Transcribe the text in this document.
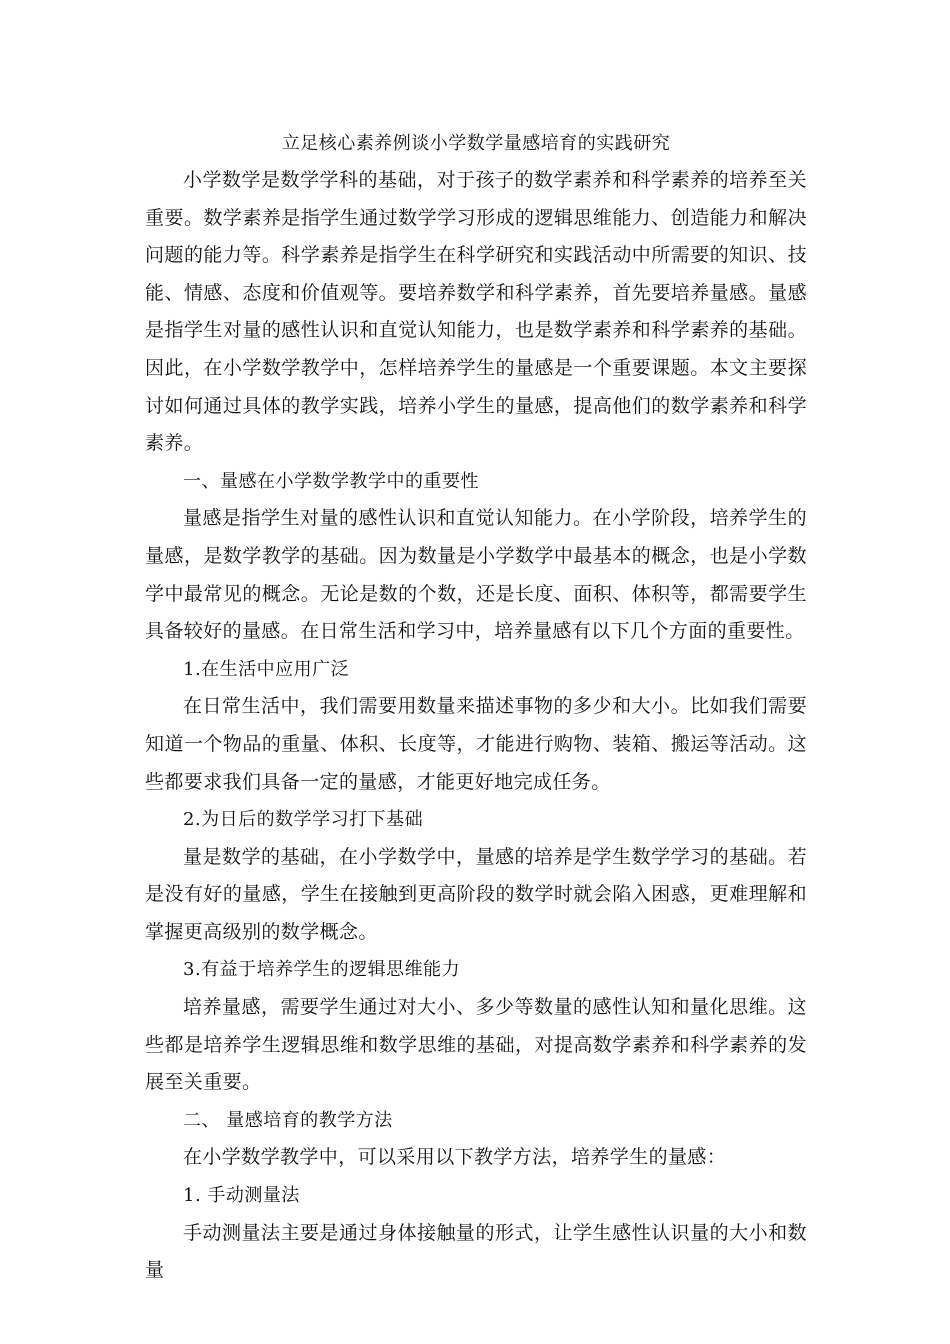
立足核心素养例谈小学数学量感培育的实践研究

小学数学是数学学科的基础，对于孩子的数学素养和科学素养的培养至关重要。数学素养是指学生通过数学学习形成的逻辑思维能力、创造能力和解决问题的能力等。科学素养是指学生在科学研究和实践活动中所需要的知识、技能、情感、态度和价值观等。要培养数学和科学素养，首先要培养量感。量感是指学生对量的感性认识和直觉认知能力，也是数学素养和科学素养的基础。因此，在小学数学教学中，怎样培养学生的量感是一个重要课题。本文主要探讨如何通过具体的教学实践，培养小学生的量感，提高他们的数学素养和科学素养。

一、量感在小学数学教学中的重要性

量感是指学生对量的感性认识和直觉认知能力。在小学阶段，培养学生的量感，是数学教学的基础。因为数量是小学数学中最基本的概念，也是小学数学中最常见的概念。无论是数的个数，还是长度、面积、体积等，都需要学生具备较好的量感。在日常生活和学习中，培养量感有以下几个方面的重要性。

1.在生活中应用广泛

在日常生活中，我们需要用数量来描述事物的多少和大小。比如我们需要知道一个物品的重量、体积、长度等，才能进行购物、装箱、搬运等活动。这些都要求我们具备一定的量感，才能更好地完成任务。

2.为日后的数学学习打下基础

量是数学的基础，在小学数学中，量感的培养是学生数学学习的基础。若是没有好的量感，学生在接触到更高阶段的数学时就会陷入困惑，更难理解和掌握更高级别的数学概念。

3.有益于培养学生的逻辑思维能力

培养量感，需要学生通过对大小、多少等数量的感性认知和量化思维。这些都是培养学生逻辑思维和数学思维的基础，对提高数学素养和科学素养的发展至关重要。

二、 量感培育的教学方法

在小学数学教学中，可以采用以下教学方法，培养学生的量感：

1. 手动测量法

手动测量法主要是通过身体接触量的形式，让学生感性认识量的大小和数量
